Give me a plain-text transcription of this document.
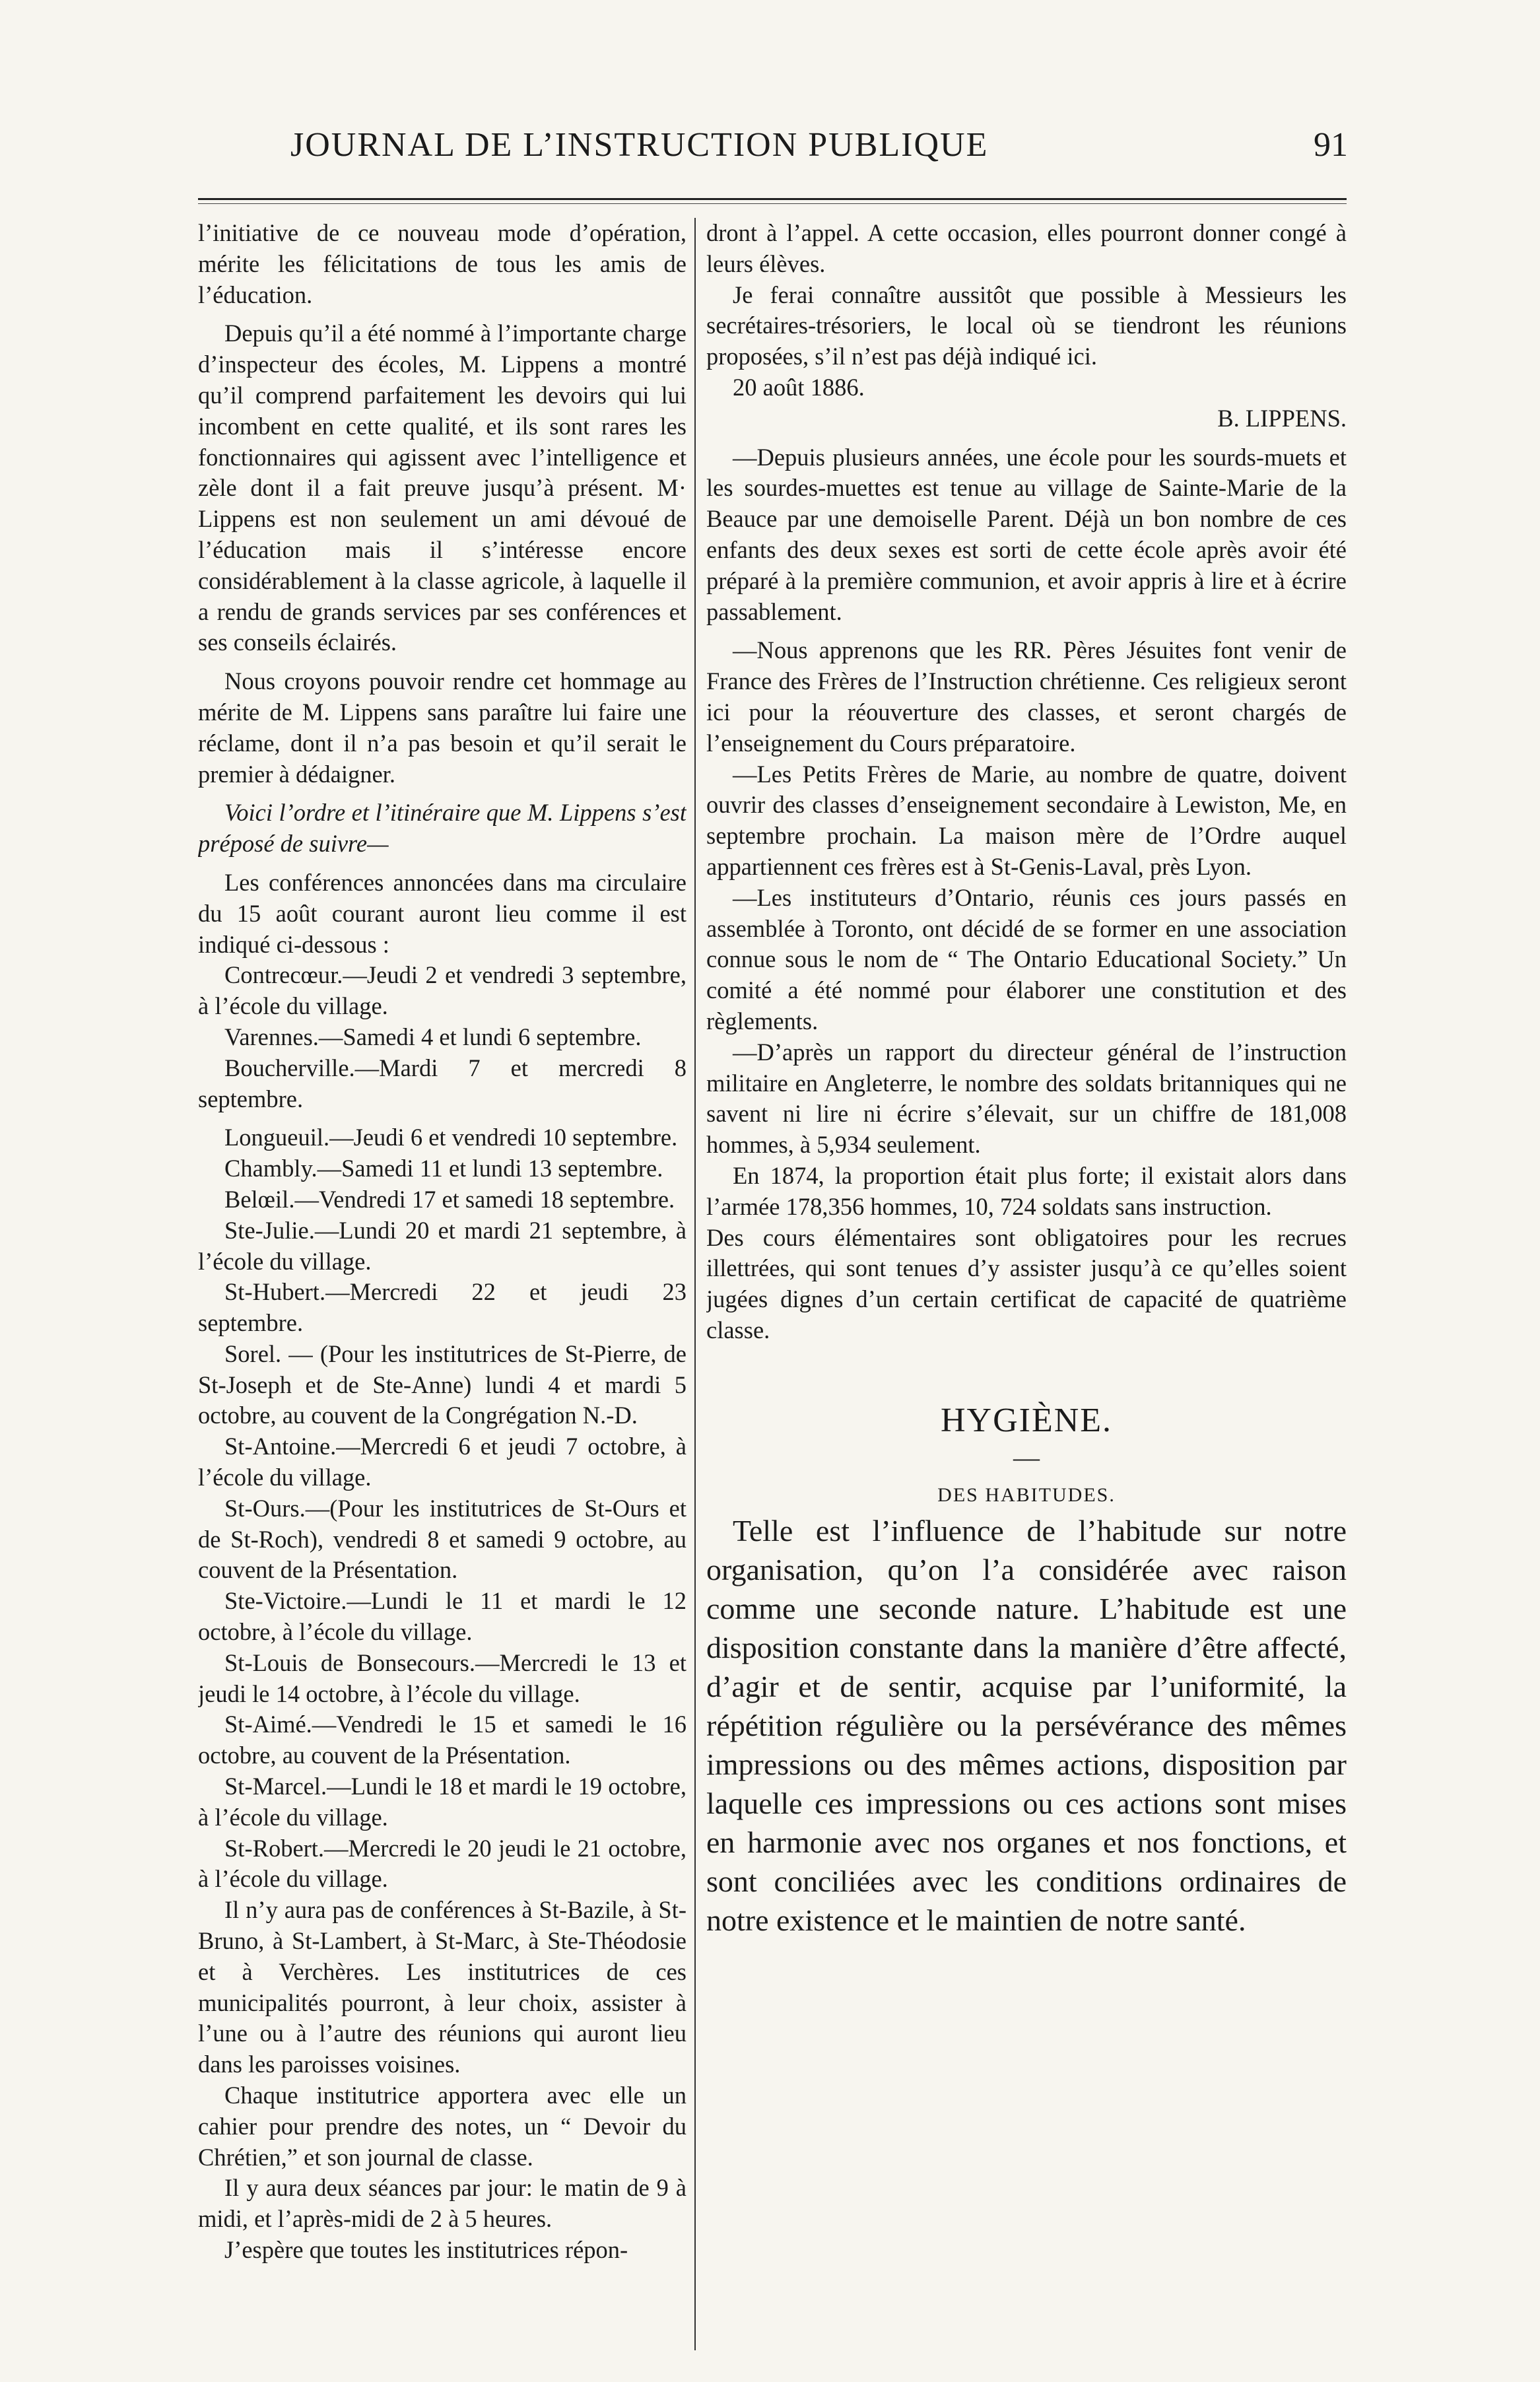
JOURNAL DE L’INSTRUCTION PUBLIQUE	91

l’initiative de ce nouveau mode d’opération, mérite les félicitations de tous les amis de l’éducation.

Depuis qu’il a été nommé à l’importante charge d’inspecteur des écoles, M. Lippens a montré qu’il comprend parfaitement les devoirs qui lui incombent en cette qualité, et ils sont rares les fonctionnaires qui agissent avec l’intelligence et zèle dont il a fait preuve jusqu’à présent. M· Lippens est non seulement un ami dévoué de l’éducation mais il s’intéresse encore considérablement à la classe agricole, à laquelle il a rendu de grands services par ses conférences et ses conseils éclairés.

Nous croyons pouvoir rendre cet hommage au mérite de M. Lippens sans paraître lui faire une réclame, dont il n’a pas besoin et qu’il serait le premier à dédaigner.

Voici l’ordre et l’itinéraire que M. Lippens s’est préposé de suivre—

Les conférences annoncées dans ma circulaire du 15 août courant auront lieu comme il est indiqué ci-dessous :

Contrecœur.—Jeudi 2 et vendredi 3 septembre, à l’école du village.

Varennes.—Samedi 4 et lundi 6 septembre.

Boucherville.—Mardi 7 et mercredi 8 septembre.

Longueuil.—Jeudi 6 et vendredi 10 septembre.

Chambly.—Samedi 11 et lundi 13 septembre.

Belœil.—Vendredi 17 et samedi 18 septembre.

Ste-Julie.—Lundi 20 et mardi 21 septembre, à l’école du village.

St-Hubert.—Mercredi 22 et jeudi 23 septembre.

Sorel. — (Pour les institutrices de St-Pierre, de St-Joseph et de Ste-Anne) lundi 4 et mardi 5 octobre, au couvent de la Congrégation N.-D.

St-Antoine.—Mercredi 6 et jeudi 7 octobre, à l’école du village.

St-Ours.—(Pour les institutrices de St-Ours et de St-Roch), vendredi 8 et samedi 9 octobre, au couvent de la Présentation.

Ste-Victoire.—Lundi le 11 et mardi le 12 octobre, à l’école du village.

St-Louis de Bonsecours.—Mercredi le 13 et jeudi le 14 octobre, à l’école du village.

St-Aimé.—Vendredi le 15 et samedi le 16 octobre, au couvent de la Présentation.

St-Marcel.—Lundi le 18 et mardi le 19 octobre, à l’école du village.

St-Robert.—Mercredi le 20 jeudi le 21 octobre, à l’école du village.

Il n’y aura pas de conférences à St-Bazile, à St-Bruno, à St-Lambert, à St-Marc, à Ste-Théodosie et à Verchères. Les institutrices de ces municipalités pourront, à leur choix, assister à l’une ou à l’autre des réunions qui auront lieu dans les paroisses voisines.

Chaque institutrice apportera avec elle un cahier pour prendre des notes, un “ Devoir du Chrétien,” et son journal de classe.

Il y aura deux séances par jour: le matin de 9 à midi, et l’après-midi de 2 à 5 heures.

J’espère que toutes les institutrices répon-

dront à l’appel. A cette occasion, elles pourront donner congé à leurs élèves.

Je ferai connaître aussitôt que possible à Messieurs les secrétaires-trésoriers, le local où se tiendront les réunions proposées, s’il n’est pas déjà indiqué ici.

20 août 1886.

B. LIPPENS.

—Depuis plusieurs années, une école pour les sourds-muets et les sourdes-muettes est tenue au village de Sainte-Marie de la Beauce par une demoiselle Parent. Déjà un bon nombre de ces enfants des deux sexes est sorti de cette école après avoir été préparé à la première communion, et avoir appris à lire et à écrire passablement.

—Nous apprenons que les RR. Pères Jésuites font venir de France des Frères de l’Instruction chrétienne. Ces religieux seront ici pour la réouverture des classes, et seront chargés de l’enseignement du Cours préparatoire.

—Les Petits Frères de Marie, au nombre de quatre, doivent ouvrir des classes d’enseignement secondaire à Lewiston, Me, en septembre prochain. La maison mère de l’Ordre auquel appartiennent ces frères est à St-Genis-Laval, près Lyon.

—Les instituteurs d’Ontario, réunis ces jours passés en assemblée à Toronto, ont décidé de se former en une association connue sous le nom de “ The Ontario Educational Society.” Un comité a été nommé pour élaborer une constitution et des règlements.

—D’après un rapport du directeur général de l’instruction militaire en Angleterre, le nombre des soldats britanniques qui ne savent ni lire ni écrire s’élevait, sur un chiffre de 181,008 hommes, à 5,934 seulement.

En 1874, la proportion était plus forte; il existait alors dans l’armée 178,356 hommes, 10, 724 soldats sans instruction.

Des cours élémentaires sont obligatoires pour les recrues illettrées, qui sont tenues d’y assister jusqu’à ce qu’elles soient jugées dignes d’un certain certificat de capacité de quatrième classe.

HYGIÈNE.
—
DES HABITUDES.

Telle est l’influence de l’habitude sur notre organisation, qu’on l’a considérée avec raison comme une seconde nature. L’habitude est une disposition constante dans la manière d’être affecté, d’agir et de sentir, acquise par l’uniformité, la répétition régulière ou la persévérance des mêmes impressions ou des mêmes actions, disposition par laquelle ces impressions ou ces actions sont mises en harmonie avec nos organes et nos fonctions, et sont conciliées avec les conditions ordinaires de notre existence et le maintien de notre santé.
